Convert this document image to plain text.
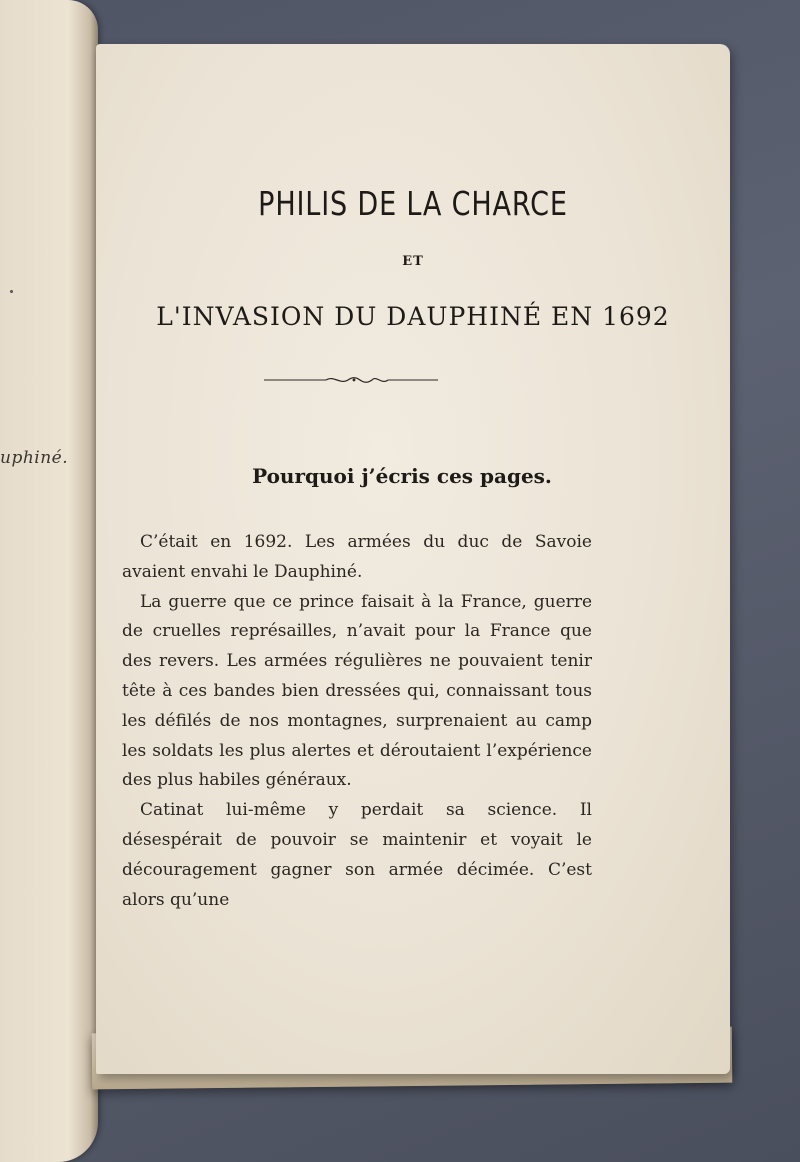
uphiné.
PHILIS DE LA CHARCE
ET
L'INVASION DU DAUPHINÉ EN 1692
Pourquoi j’écris ces pages.

C’était en 1692. Les armées du duc de Savoie avaient envahi le Dauphiné.

La guerre que ce prince faisait à la France, guerre de cruelles représailles, n’avait pour la France que des revers. Les armées régulières ne pouvaient tenir tête à ces bandes bien dressées qui, connaissant tous les défilés de nos montagnes, surprenaient au camp les soldats les plus alertes et déroutaient l’expérience des plus habiles généraux.

Catinat lui-même y perdait sa science. Il désespérait de pouvoir se maintenir et voyait le découragement gagner son armée décimée. C’est alors qu’une
